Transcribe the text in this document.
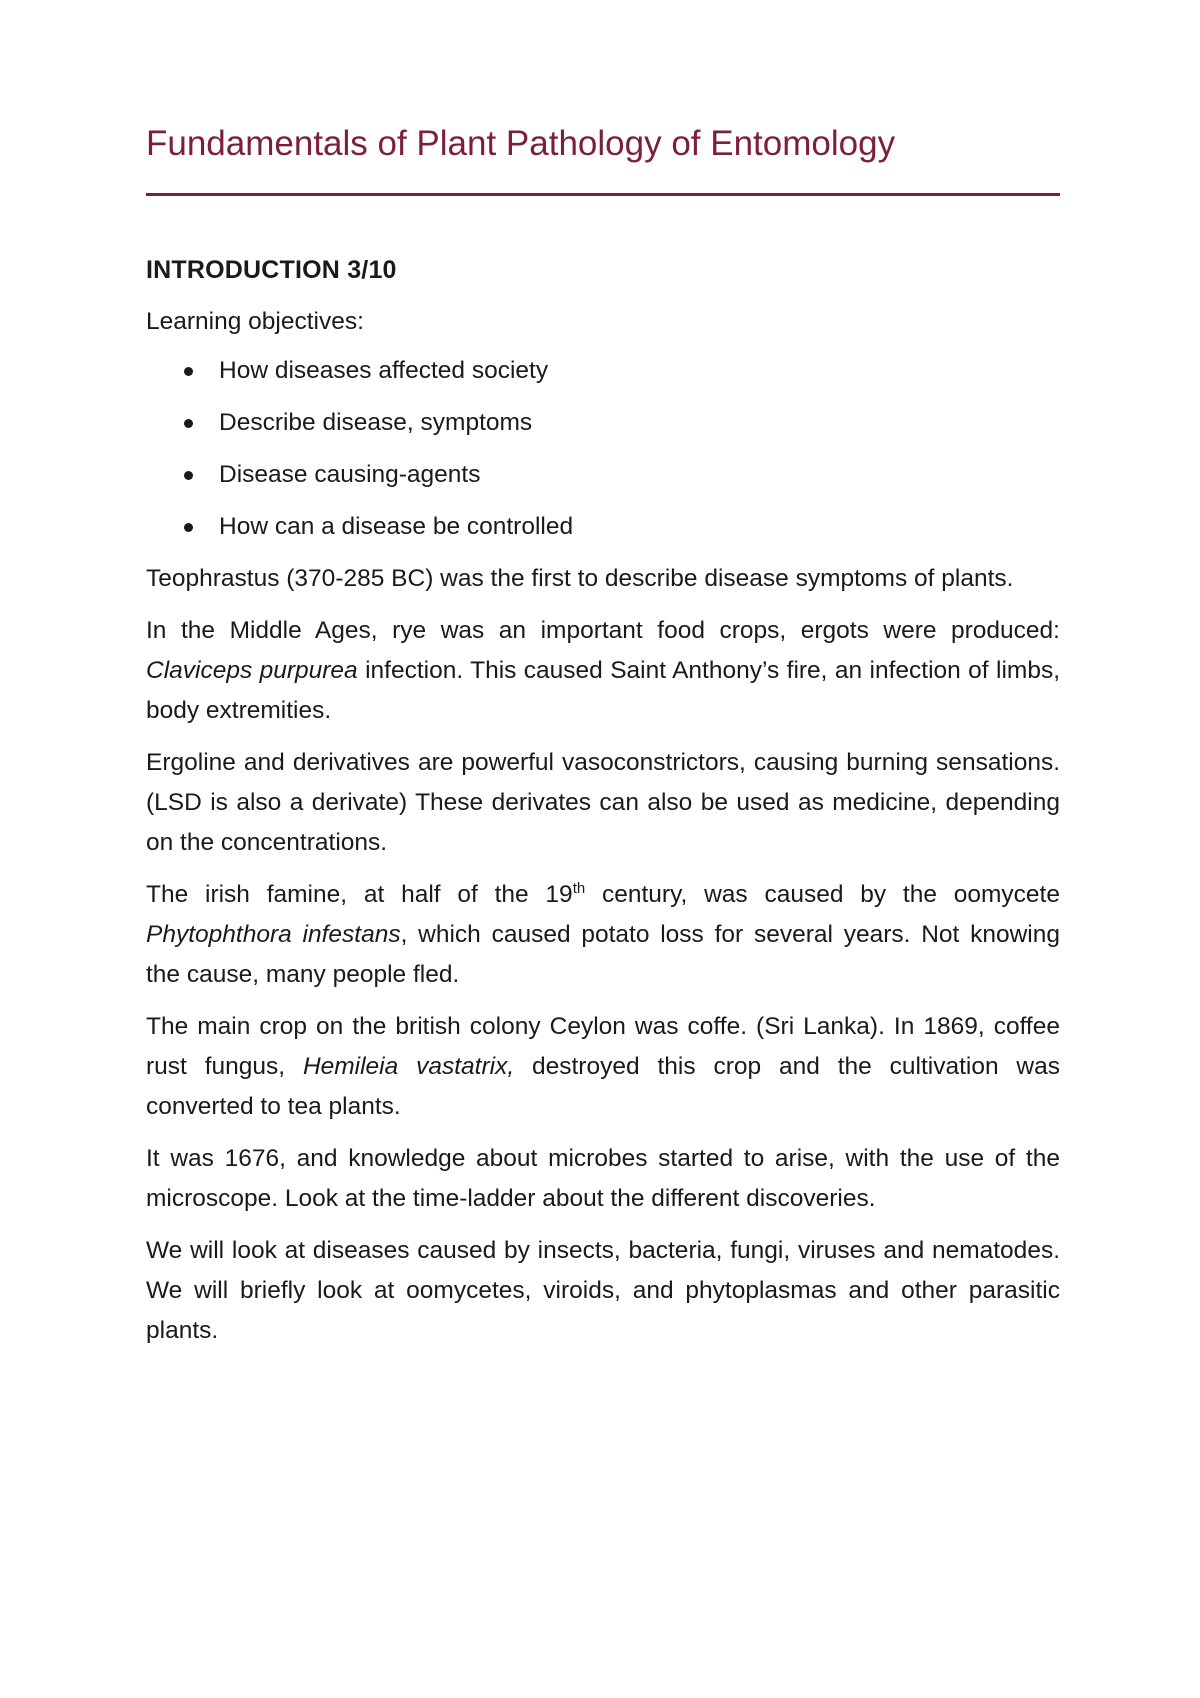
Fundamentals of Plant Pathology of Entomology
INTRODUCTION 3/10

Learning objectives:

How diseases affected society
Describe disease, symptoms
Disease causing-agents
How can a disease be controlled

Teophrastus (370-285 BC) was the first to describe disease symptoms of plants.

In the Middle Ages, rye was an important food crops, ergots were produced: Claviceps purpurea infection. This caused Saint Anthony’s fire, an infection of limbs, body extremities.

Ergoline and derivatives are powerful vasoconstrictors, causing burning sensations. (LSD is also a derivate) These derivates can also be used as medicine, depending on the concentrations.

The irish famine, at half of the 19th century, was caused by the oomycete Phytophthora infestans, which caused potato loss for several years. Not knowing the cause, many people fled.

The main crop on the british colony Ceylon was coffe. (Sri Lanka). In 1869, coffee rust fungus, Hemileia vastatrix, destroyed this crop and the cultivation was converted to tea plants.

It was 1676, and knowledge about microbes started to arise, with the use of the microscope. Look at the time-ladder about the different discoveries.

We will look at diseases caused by insects, bacteria, fungi, viruses and nematodes. We will briefly look at oomycetes, viroids, and phytoplasmas and other parasitic plants.
